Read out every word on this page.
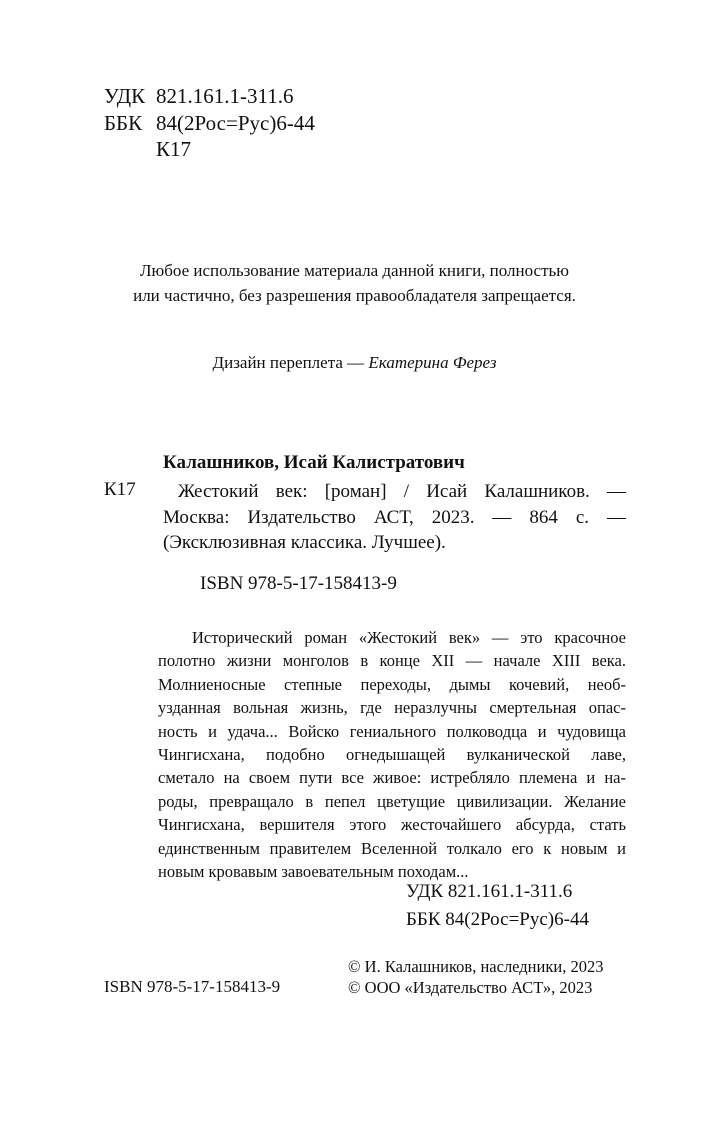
УДК 821.161.1-311.6
ББК 84(2Рос=Рус)6-44
К17
Любое использование материала данной книги, полностью
или частично, без разрешения правообладателя запрещается.
Дизайн переплета — Екатерина Ферез
Калашников, Исай Калистратович
К17	Жестокий век: [роман] / Исай Калашников. —
Москва: Издательство АСТ, 2023. — 864 с. —
(Эксклюзивная классика. Лучшее).
ISBN 978-5-17-158413-9
Исторический роман «Жестокий век» — это красочное
полотно жизни монголов в конце XII — начале XIII века.
Молниеносные степные переходы, дымы кочевий, необ-
узданная вольная жизнь, где неразлучны смертельная опас-
ность и удача... Войско гениального полководца и чудовища
Чингисхана, подобно огнедышащей вулканической лаве,
сметало на своем пути все живое: истребляло племена и на-
роды, превращало в пепел цветущие цивилизации. Желание
Чингисхана, вершителя этого жесточайшего абсурда, стать
единственным правителем Вселенной толкало его к новым и
новым кровавым завоевательным походам...
УДК 821.161.1-311.6
ББК 84(2Рос=Рус)6-44
© И. Калашников, наследники, 2023
ISBN 978-5-17-158413-9	© ООО «Издательство АСТ», 2023
